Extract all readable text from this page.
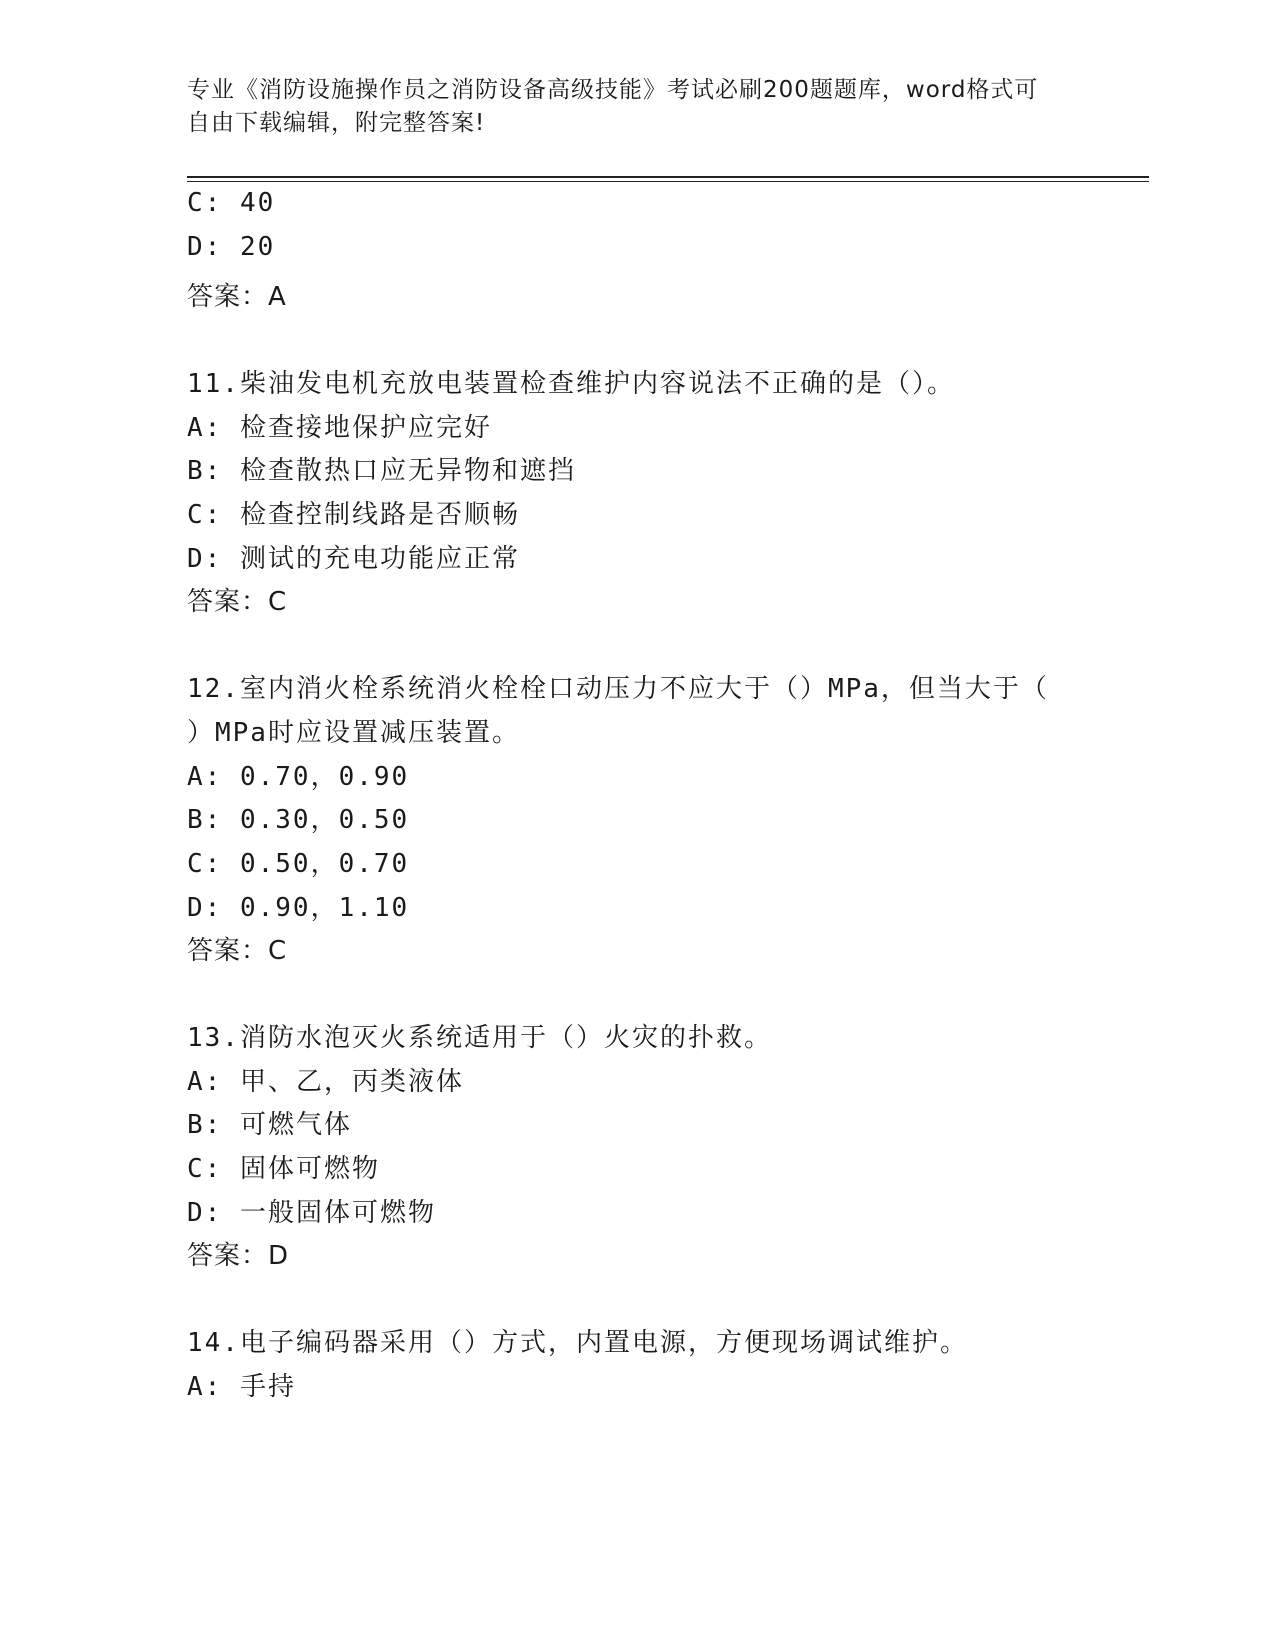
专业《消防设施操作员之消防设备高级技能》考试必刷200题题库，word格式可
自由下载编辑，附完整答案!
C: 40
D: 20
答案：A
11.柴油发电机充放电装置检查维护内容说法不正确的是（）。
A: 检查接地保护应完好
B: 检查散热口应无异物和遮挡
C: 检查控制线路是否顺畅
D: 测试的充电功能应正常
答案：C
12.室内消火栓系统消火栓栓口动压力不应大于（）MPa，但当大于（
）MPa时应设置减压装置。
A: 0.70，0.90
B: 0.30，0.50
C: 0.50，0.70
D: 0.90，1.10
答案：C
13.消防水泡灭火系统适用于（）火灾的扑救。
A: 甲、乙，丙类液体
B: 可燃气体
C: 固体可燃物
D: 一般固体可燃物
答案：D
14.电子编码器采用（）方式，内置电源，方便现场调试维护。
A: 手持
